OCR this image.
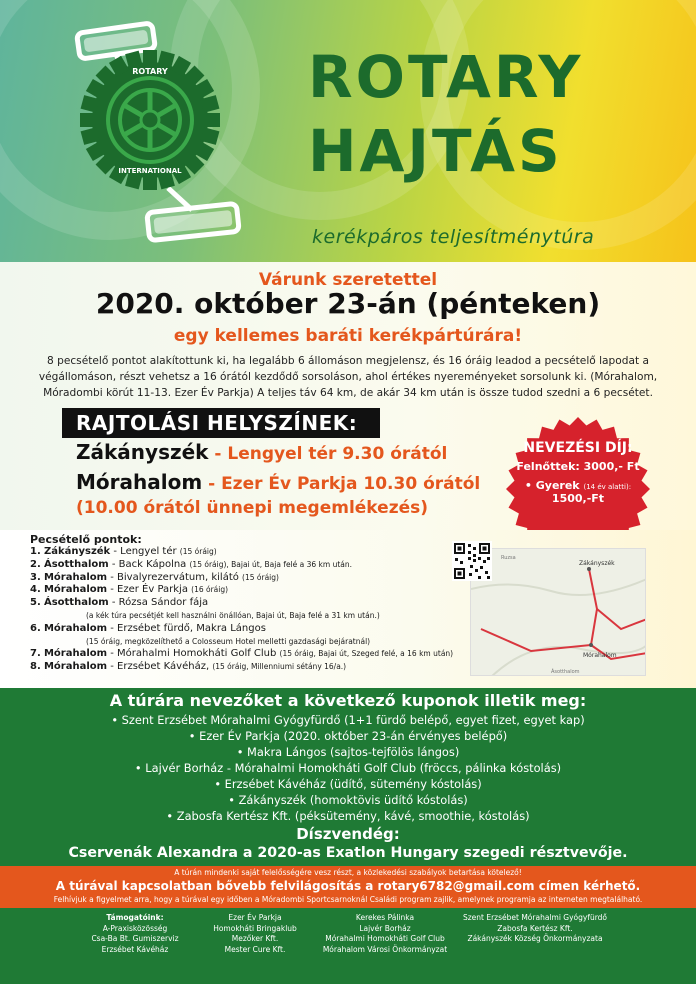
ROTARY
INTERNATIONAL
ROTARY
HAJTÁS
kerékpáros teljesítménytúra
Várunk szeretettel
2020. október 23-án (pénteken)
egy kellemes baráti kerékpártúrára!
8 pecsételő pontot alakítottunk ki, ha legalább 6 állomáson megjelensz, és 16 óráig leadod a pecsételő lapodat a végállomáson, részt vehetsz a 16 órától kezdődő sorsoláson, ahol értékes nyereményeket sorsolunk ki. (Mórahalom, Móradombi körút 11-13. Ezer Év Parkja) A teljes táv 64 km, de akár 34 km után is össze tudod szedni a 6 pecsétet.
RAJTOLÁSI HELYSZÍNEK:
Zákányszék - Lengyel tér 9.30 órától
Mórahalom - Ezer Év Parkja 10.30 órától
(10.00 órától ünnepi megemlékezés)
NEVEZÉSI DÍJ:
Felnőttek: 3000,- Ft
• Gyerek (14 év alatti):
1500,-Ft
Pecsételő pontok:
1. Zákányszék - Lengyel tér (15 óráig)
2. Ásotthalom - Back Kápolna (15 óráig), Bajai út, Baja felé a 36 km után.
3. Mórahalom - Bivalyrezervátum, kilátó (15 óráig)
4. Mórahalom - Ezer Év Parkja (16 óráig)
5. Ásotthalom - Rózsa Sándor fája
(a kék túra pecsétjét kell használni önállóan, Bajai út, Baja felé a 31 km után.)
6. Mórahalom - Erzsébet fürdő, Makra Lángos
(15 óráig, megközelíthető a Colosseum Hotel melletti gazdasági bejáratnál)
7. Mórahalom - Mórahalmi Homokháti Golf Club (15 óráig, Bajai út, Szeged felé, a 16 km után)
8. Mórahalom - Erzsébet Kávéház, (15 óráig, Millenniumi sétány 16/a.)
Zákányszék
Mórahalom
Ruzsa
Ásotthalom
A túrára nevezőket a következő kuponok illetik meg:
• Szent Erzsébet Mórahalmi Gyógyfürdő (1+1 fürdő belépő, egyet fizet, egyet kap)
• Ezer Év Parkja (2020. október 23-án érvényes belépő)
• Makra Lángos (sajtos-tejfölös lángos)
• Lajvér Borház - Mórahalmi Homokháti Golf Club (fröccs, pálinka kóstolás)
• Erzsébet Kávéház (üdítő, sütemény kóstolás)
• Zákányszék (homoktövis üdítő kóstolás)
• Zabosfa Kertész Kft. (péksütemény, kávé, smoothie, kóstolás)
Díszvendég:
Cservenák Alexandra a 2020-as Exatlon Hungary szegedi résztvevője.
A túrán mindenki saját felelősségére vesz részt, a közlekedési szabályok betartása kötelező!
A túrával kapcsolatban bővebb felvilágosítás a rotary6782@gmail.com címen kérhető.
Felhívjuk a figyelmet arra, hogy a túrával egy időben a Móradombi Sportcsarnoknál Családi program zajlik, amelynek programja az interneten megtalálható.
Támogatóink:
A-Praxisközösség
Csa-Ba Bt. Gumiszerviz
Erzsébet Kávéház
Ezer Év Parkja
Homokháti Bringaklub
Mezőker Kft.
Mester Cure Kft.
Kerekes Pálinka
Lajvér Borház
Mórahalmi Homokháti Golf Club
Mórahalom Városi Önkormányzat
Szent Erzsébet Mórahalmi Gyógyfürdő
Zabosfa Kertész Kft.
Zákányszék Község Önkormányzata
